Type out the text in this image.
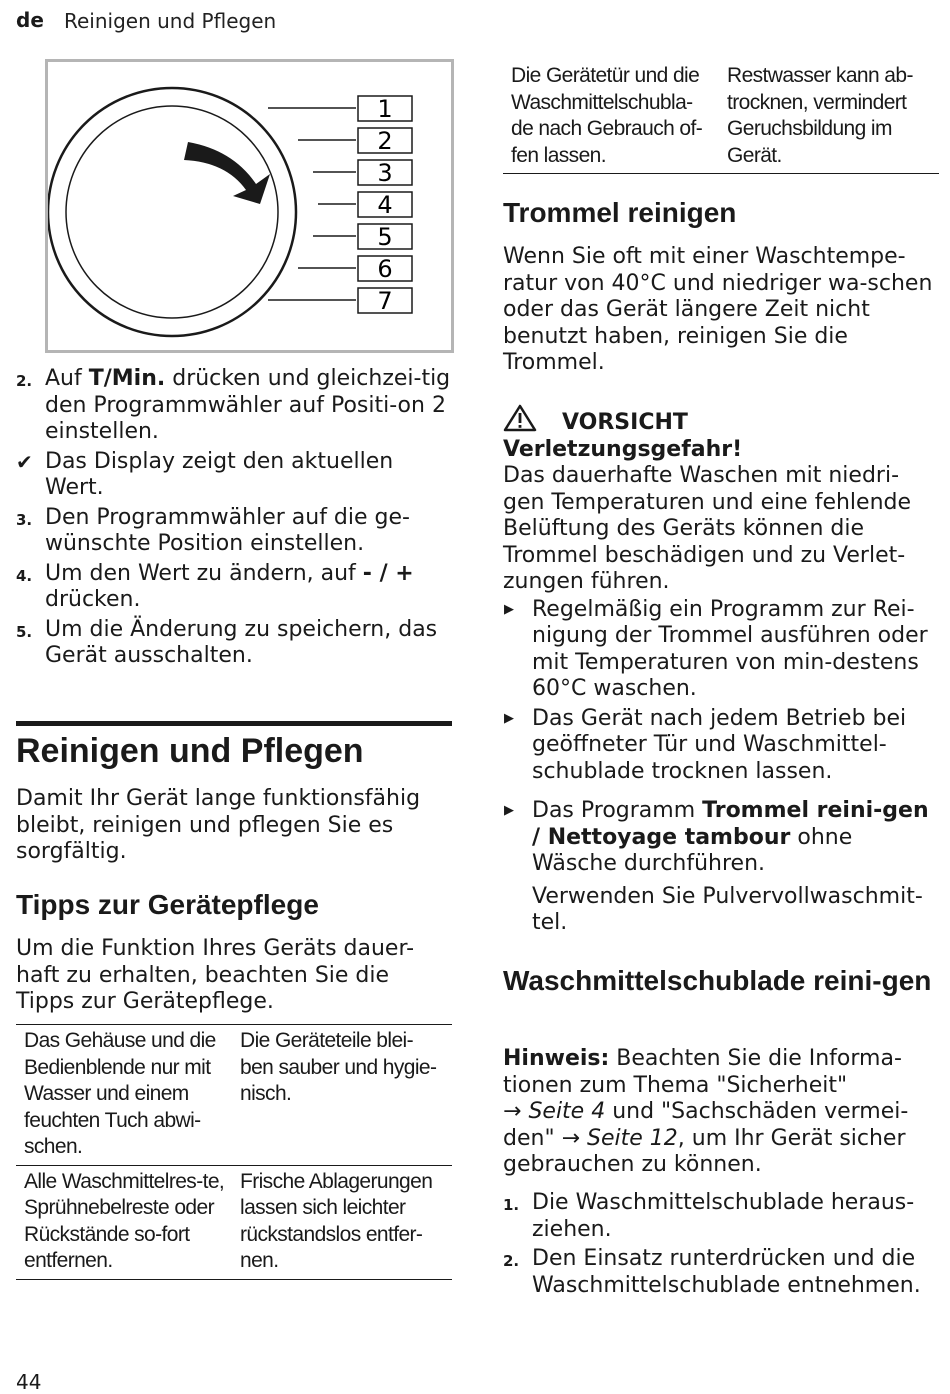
de Reinigen und Pflegen
1
2
3
4
5
6
7
2. Auf T/Min. drücken und gleichzei-tig den Programmwähler auf Positi-on 2 einstellen.
✔ Das Display zeigt den aktuellen Wert.
3. Den Programmwähler auf die ge-wünschte Position einstellen.
4. Um den Wert zu ändern, auf - / + drücken.
5. Um die Änderung zu speichern, das Gerät ausschalten.
Reinigen und Pflegen
Damit Ihr Gerät lange funktionsfähig bleibt, reinigen und pflegen Sie es sorgfältig.
Tipps zur Gerätepflege
Um die Funktion Ihres Geräts dauer-haft zu erhalten, beachten Sie die Tipps zur Gerätepflege.
Das Gehäuse und die Bedienblende nur mit Wasser und einem feuchten Tuch abwi-schen.	Die Geräteteile blei-ben sauber und hygie-nisch.
Alle Waschmittelres-te, Sprühnebelreste oder Rückstände so-fort entfernen.	Frische Ablagerungen lassen sich leichter rückstandslos entfer-nen.
44
Die Gerätetür und die Waschmittelschubla-de nach Gebrauch of-fen lassen.	Restwasser kann ab-trocknen, vermindert Geruchsbildung im Gerät.
Trommel reinigen
Wenn Sie oft mit einer Waschtempe-ratur von 40°C und niedriger wa-schen oder das Gerät längere Zeit nicht benutzt haben, reinigen Sie die Trommel.
VORSICHT
Verletzungsgefahr!
Das dauerhafte Waschen mit niedri-gen Temperaturen und eine fehlende Belüftung des Geräts können die Trommel beschädigen und zu Verlet-zungen führen.
▶ Regelmäßig ein Programm zur Rei-nigung der Trommel ausführen oder mit Temperaturen von min-destens 60°C waschen.
▶ Das Gerät nach jedem Betrieb bei geöffneter Tür und Waschmittel-schublade trocknen lassen.
▶ Das Programm Trommel reini-gen / Nettoyage tambour ohne Wäsche durchführen.
Verwenden Sie Pulvervollwaschmit-tel.
Waschmittelschublade reini-gen
Hinweis: Beachten Sie die Informa-tionen zum Thema "Sicherheit"
→ Seite 4 und "Sachschäden vermei-den" → Seite 12, um Ihr Gerät sicher gebrauchen zu können.
1. Die Waschmittelschublade heraus-ziehen.
2. Den Einsatz runterdrücken und die Waschmittelschublade entnehmen.
